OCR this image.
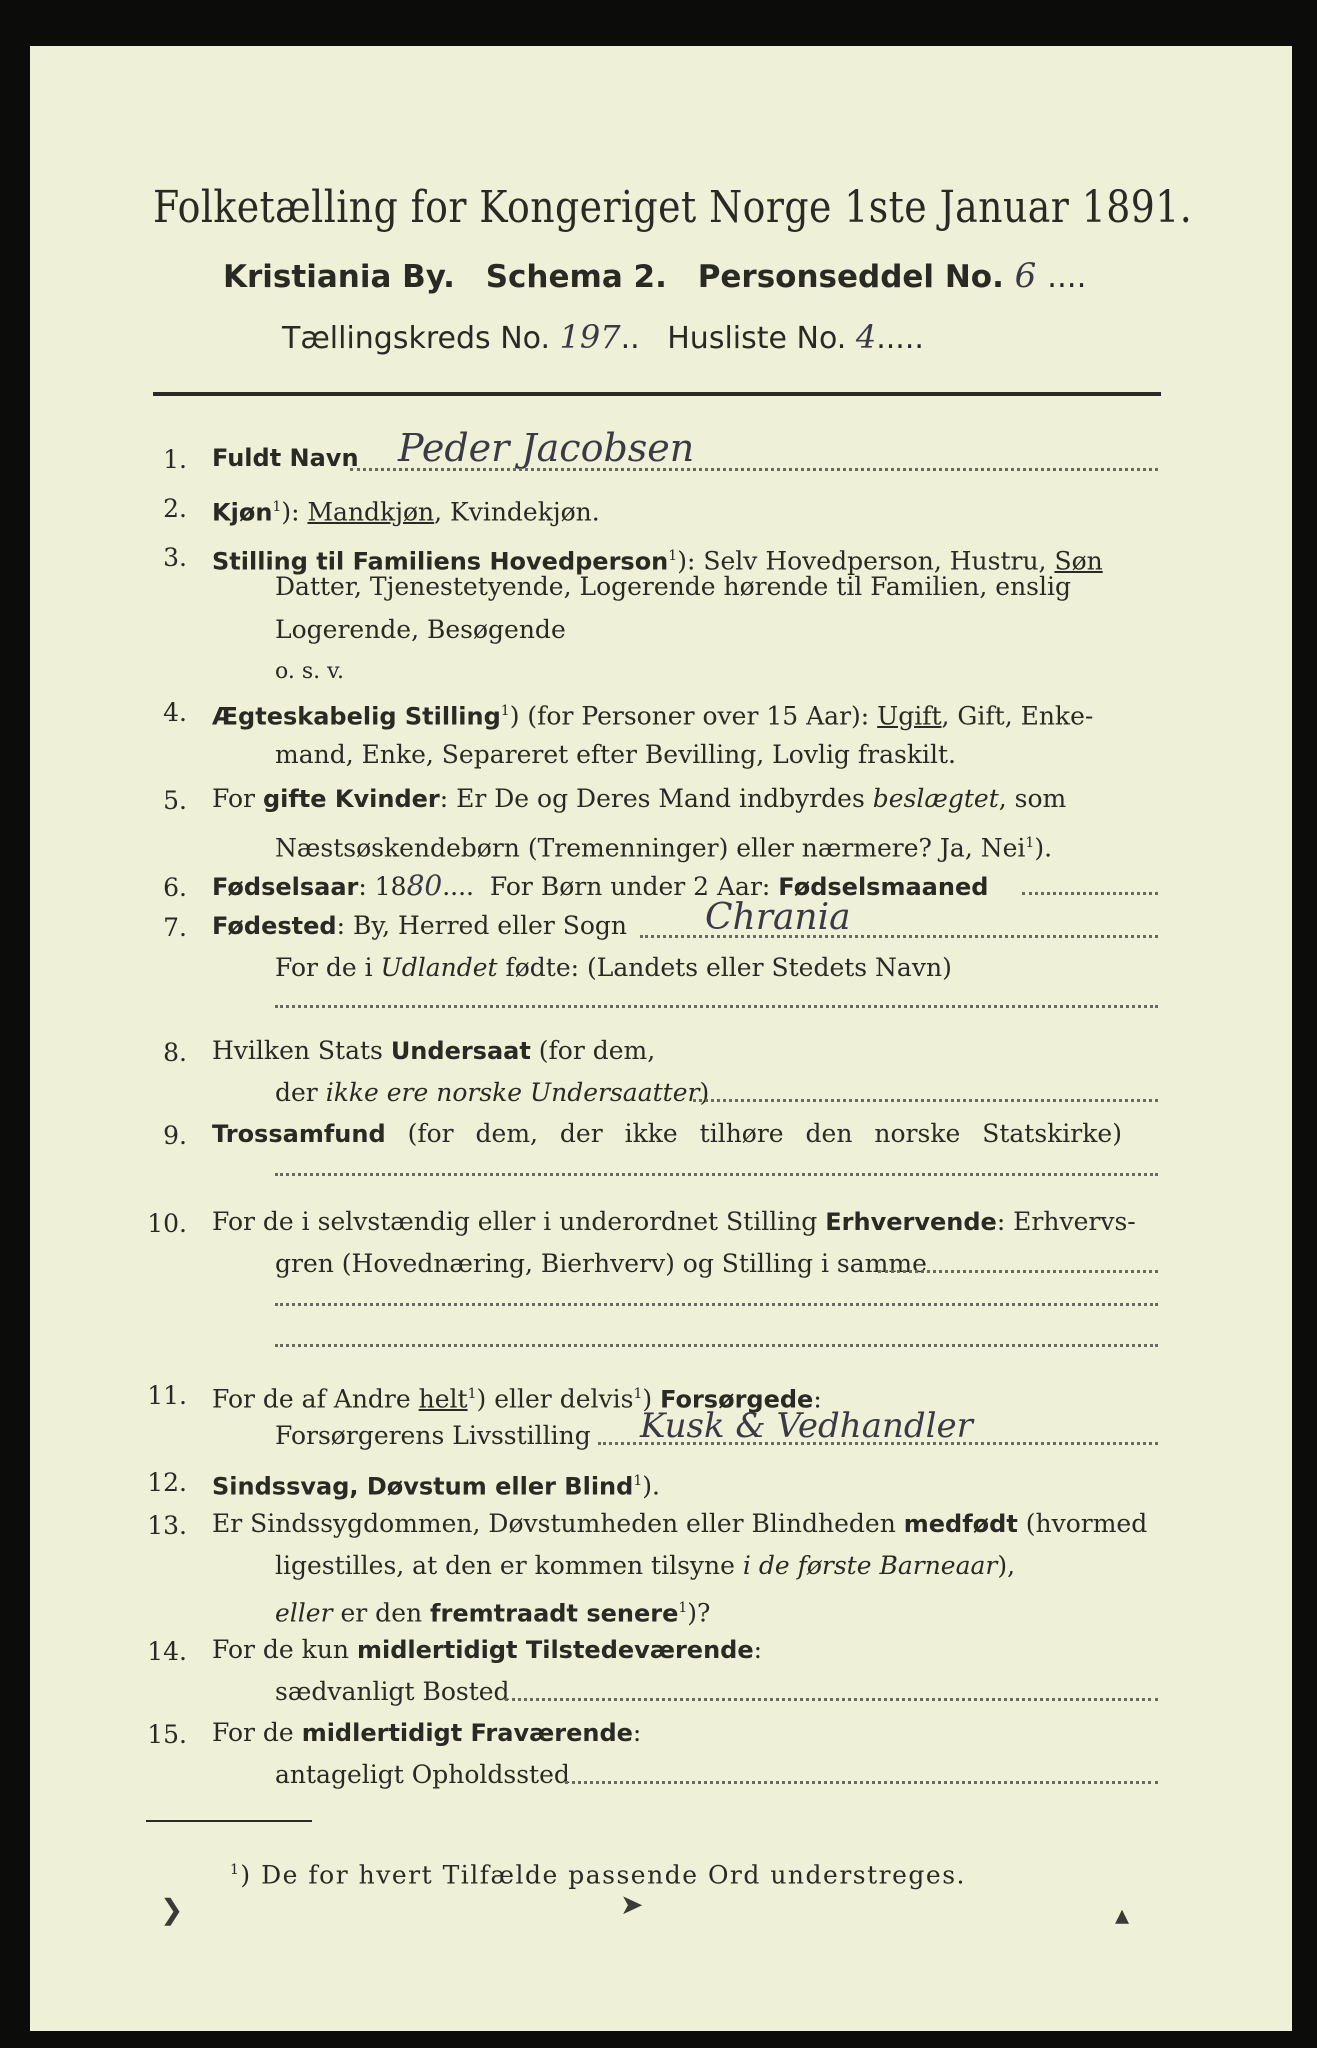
Folketælling for Kongeriget Norge 1ste Januar 1891.
Kristiania By. Schema 2. Personseddel No. 6 ....
Tællingskreds No. 197.. Husliste No. 4.....
1. Fuldt Navn Peder Jacobsen
2. Kjøn$^1$): Mandkjøn, Kvindekjøn.
3. Stilling til Familiens Hovedperson$^1$): Selv Hovedperson, Hustru, Søn
Datter, Tjenestetyende, Logerende hørende til Familien, enslig
Logerende, Besøgende
o. s. v.
4. Ægteskabelig Stilling$^1$) (for Personer over 15 Aar): Ugift, Gift, Enke-
mand, Enke, Separeret efter Bevilling, Lovlig fraskilt.
5. For gifte Kvinder: Er De og Deres Mand indbyrdes beslægtet, som
Næstsøskendebørn (Tremenninger) eller nærmere? Ja, Nei$^1$).
6. Fødselsaar: 1880....  For Børn under 2 Aar: Fødselsmaaned
7. Fødested: By, Herred eller Sogn Chrania
For de i Udlandet fødte: (Landets eller Stedets Navn)
8. Hvilken Stats Undersaat (for dem,
der ikke ere norske Undersaatter)
9. Trossamfund (for dem, der ikke tilhøre den norske Statskirke)
10. For de i selvstændig eller i underordnet Stilling Erhvervende: Erhvervs-
gren (Hovednæring, Bierhverv) og Stilling i samme
11. For de af Andre helt$^1$) eller delvis$^1$) Forsørgede:
Forsørgerens Livsstilling Kusk & Vedhandler
12. Sindssvag, Døvstum eller Blind$^1$).
13. Er Sindssygdommen, Døvstumheden eller Blindheden medfødt (hvormed
ligestilles, at den er kommen tilsyne i de første Barneaar),
eller er den fremtraadt senere$^1$)?
14. For de kun midlertidigt Tilstedeværende:
sædvanligt Bosted
15. For de midlertidigt Fraværende:
antageligt Opholdssted
$^1$) De for hvert Tilfælde passende Ord understreges.
❯	➤	▴
